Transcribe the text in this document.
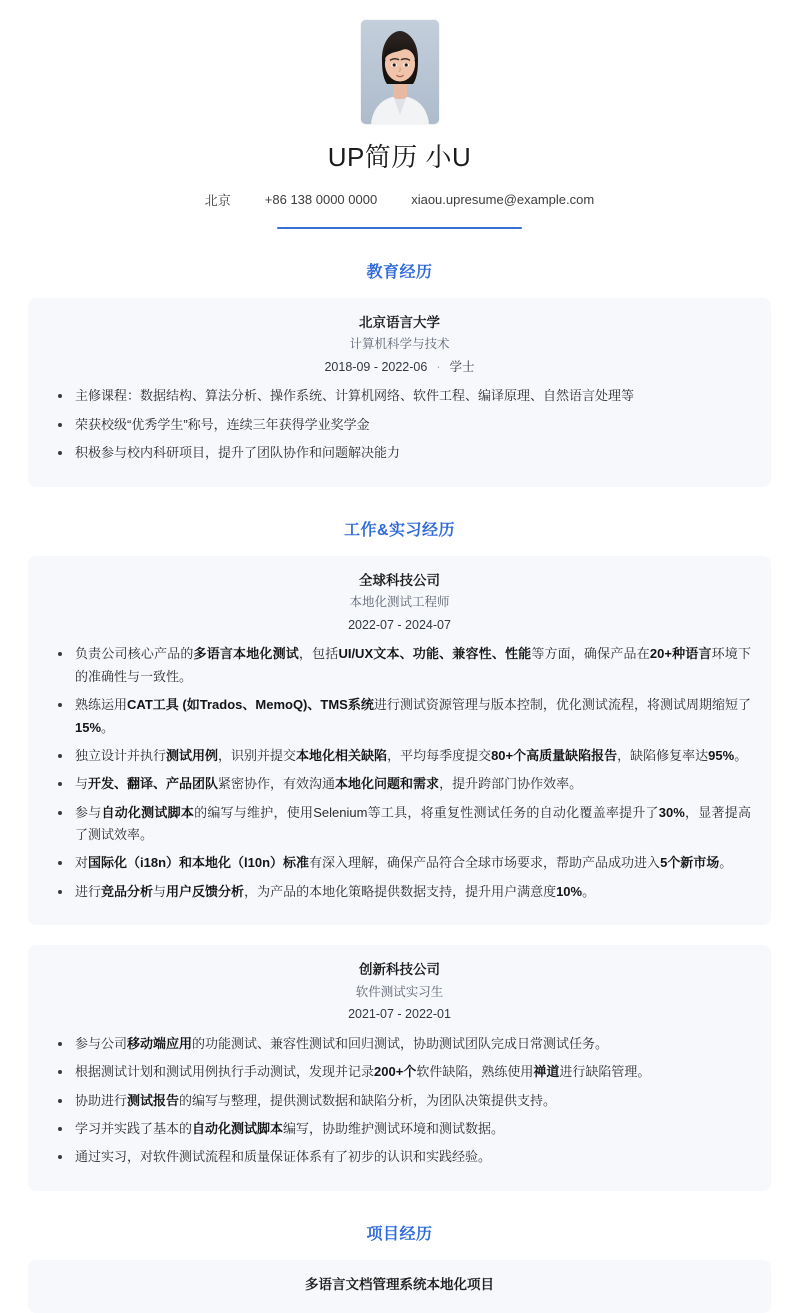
UP简历 小U
北京	+86 138 0000 0000	xiaou.upresume@example.com
教育经历
北京语言大学
计算机科学与技术
2018-09 - 2022-06 · 学士
主修课程：数据结构、算法分析、操作系统、计算机网络、软件工程、编译原理、自然语言处理等
荣获校级“优秀学生”称号，连续三年获得学业奖学金
积极参与校内科研项目，提升了团队协作和问题解决能力
工作&实习经历
全球科技公司
本地化测试工程师
2022-07 - 2024-07
负责公司核心产品的多语言本地化测试，包括UI/UX文本、功能、兼容性、性能等方面，确保产品在20+种语言环境下的准确性与一致性。
熟练运用CAT工具 (如Trados、MemoQ)、TMS系统进行测试资源管理与版本控制，优化测试流程，将测试周期缩短了15%。
独立设计并执行测试用例，识别并提交本地化相关缺陷，平均每季度提交80+个高质量缺陷报告，缺陷修复率达95%。
与开发、翻译、产品团队紧密协作，有效沟通本地化问题和需求，提升跨部门协作效率。
参与自动化测试脚本的编写与维护，使用Selenium等工具，将重复性测试任务的自动化覆盖率提升了30%，显著提高了测试效率。
对国际化（i18n）和本地化（l10n）标准有深入理解，确保产品符合全球市场要求，帮助产品成功进入5个新市场。
进行竞品分析与用户反馈分析，为产品的本地化策略提供数据支持，提升用户满意度10%。
创新科技公司
软件测试实习生
2021-07 - 2022-01
参与公司移动端应用的功能测试、兼容性测试和回归测试，协助测试团队完成日常测试任务。
根据测试计划和测试用例执行手动测试，发现并记录200+个软件缺陷，熟练使用禅道进行缺陷管理。
协助进行测试报告的编写与整理，提供测试数据和缺陷分析，为团队决策提供支持。
学习并实践了基本的自动化测试脚本编写，协助维护测试环境和测试数据。
通过实习，对软件测试流程和质量保证体系有了初步的认识和实践经验。
项目经历
多语言文档管理系统本地化项目
